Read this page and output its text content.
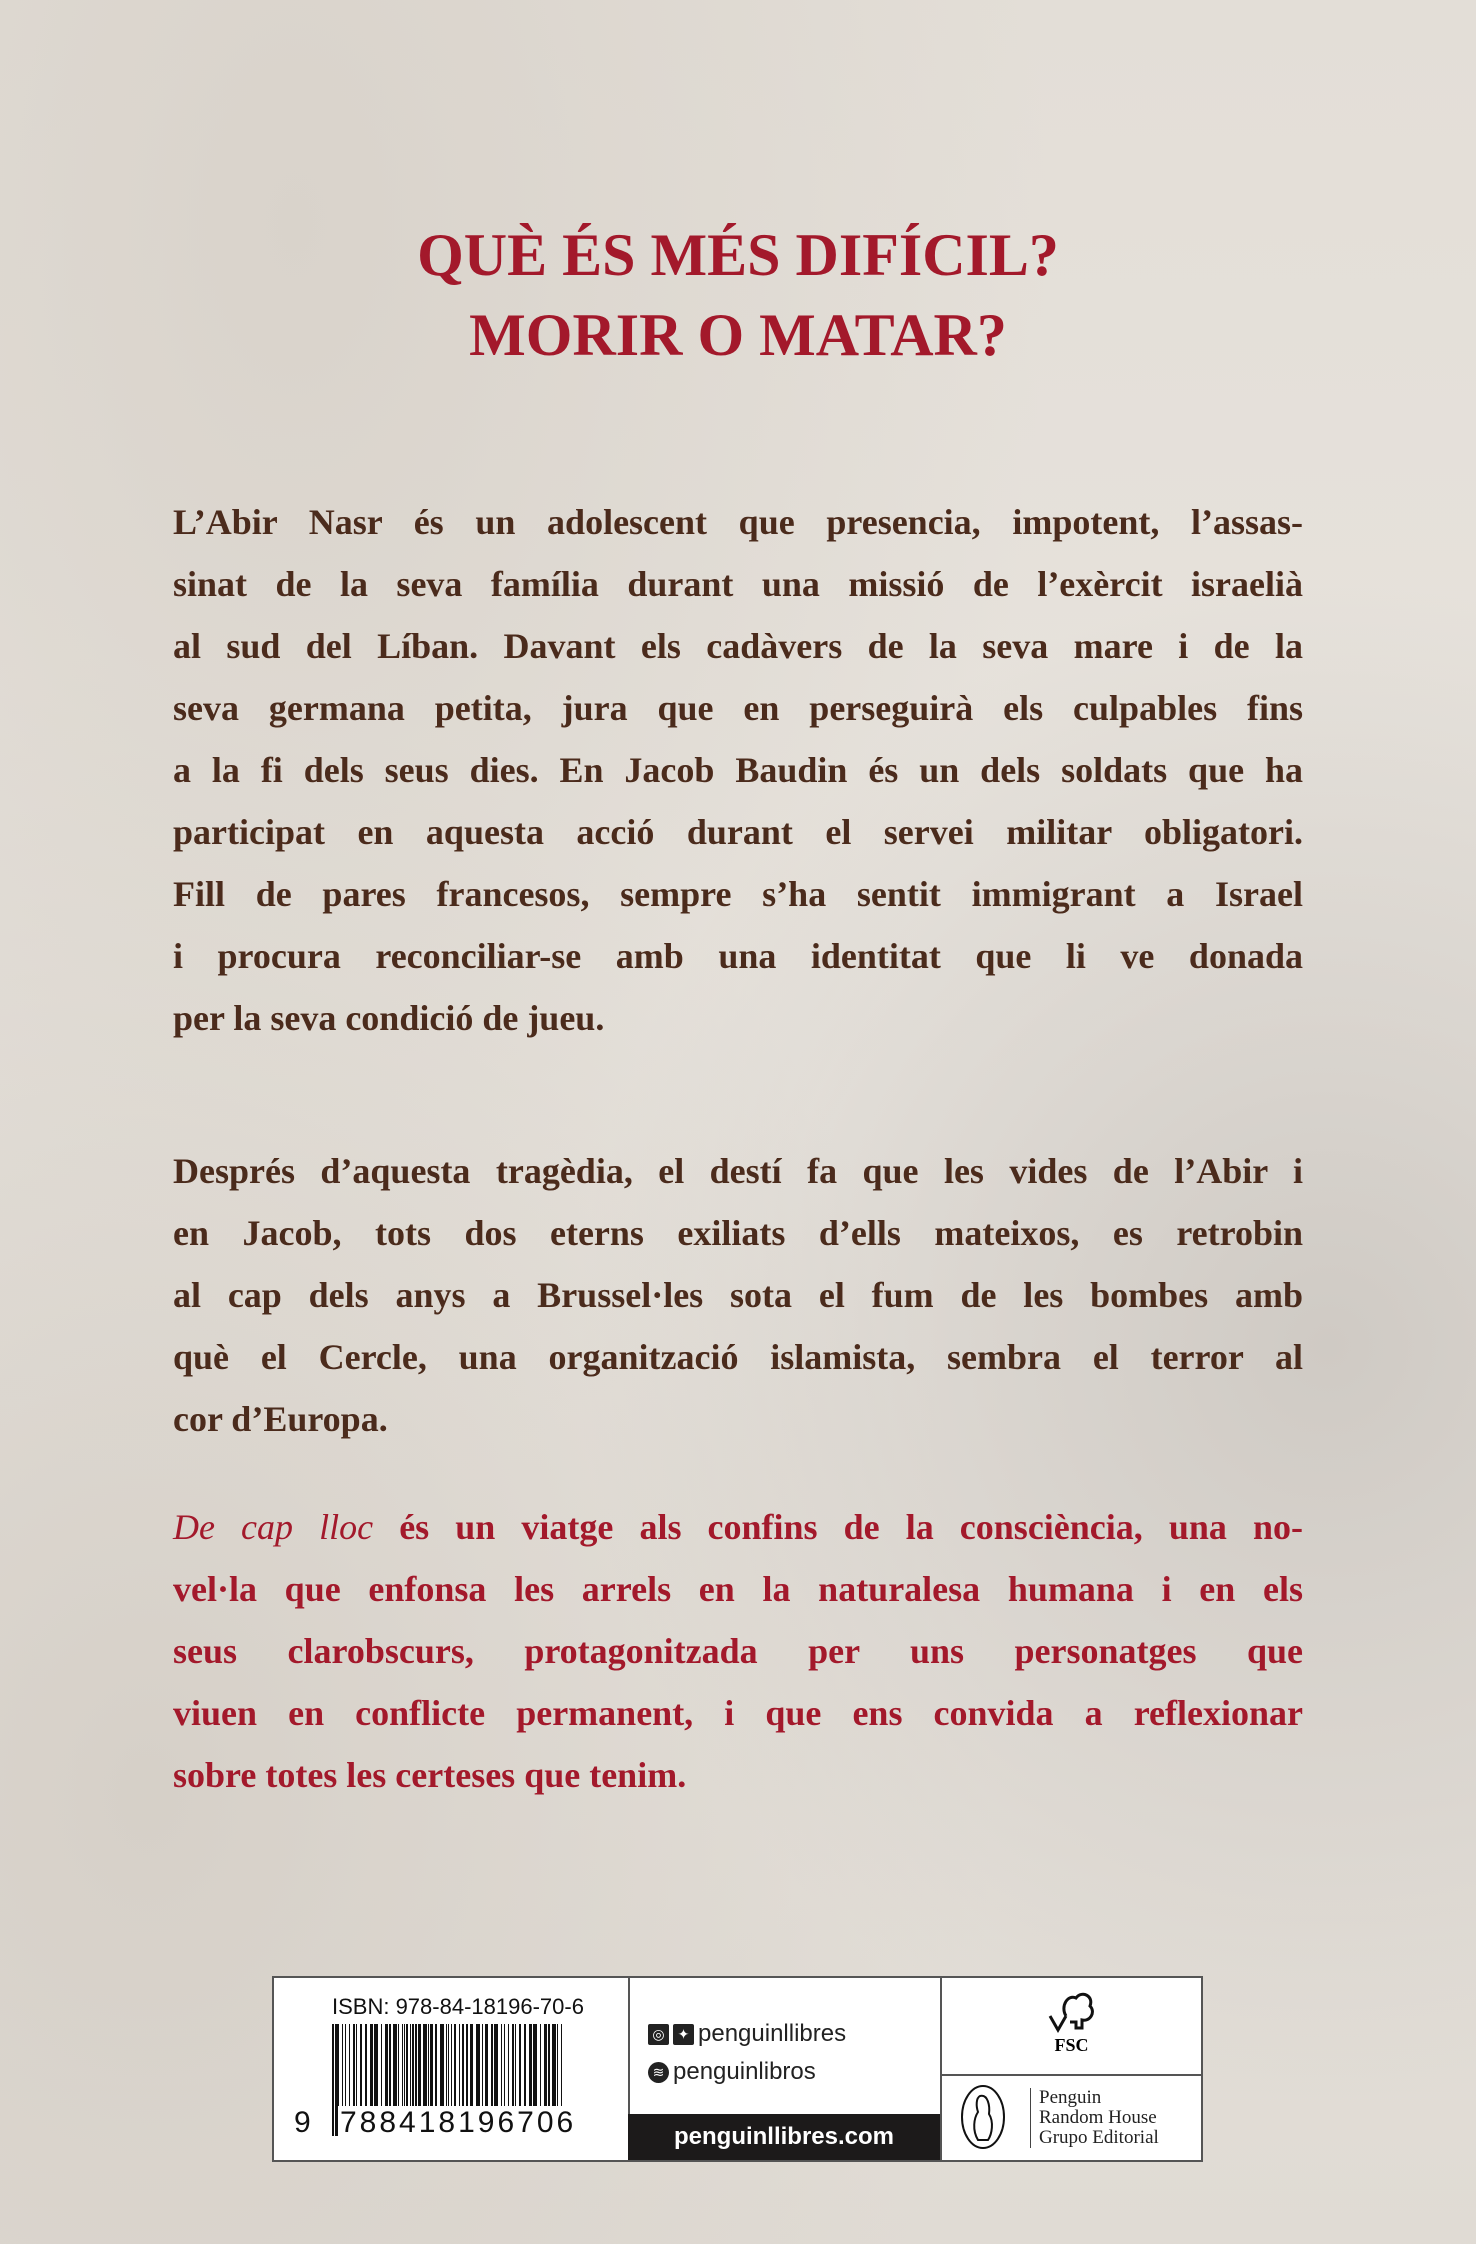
QUÈ ÉS MÉS DIFÍCIL?
MORIR O MATAR?
L’Abir Nasr és un adolescent que presencia, impotent, l’assas-
sinat de la seva família durant una missió de l’exèrcit israelià
al sud del Líban. Davant els cadàvers de la seva mare i de la
seva germana petita, jura que en perseguirà els culpables fins
a la fi dels seus dies. En Jacob Baudin és un dels soldats que ha
participat en aquesta acció durant el servei militar obligatori.
Fill de pares francesos, sempre s’ha sentit immigrant a Israel
i procura reconciliar-se amb una identitat que li ve donada
per la seva condició de jueu.
Després d’aquesta tragèdia, el destí fa que les vides de l’Abir i
en Jacob, tots dos eterns exiliats d’ells mateixos, es retrobin
al cap dels anys a Brussel·les sota el fum de les bombes amb
què el Cercle, una organització islamista, sembra el terror al
cor d’Europa.
De cap lloc és un viatge als confins de la consciència, una no-
vel·la que enfonsa les arrels en la naturalesa humana i en els
seus clarobscurs, protagonitzada per uns personatges que
viuen en conflicte permanent, i que ens convida a reflexionar
sobre totes les certeses que tenim.
ISBN: 978-84-18196-70-6
9 788418196706
◎ ✦ penguinllibres
≋ penguinlibros
penguinllibres.com
FSC
Penguin
Random House
Grupo Editorial
